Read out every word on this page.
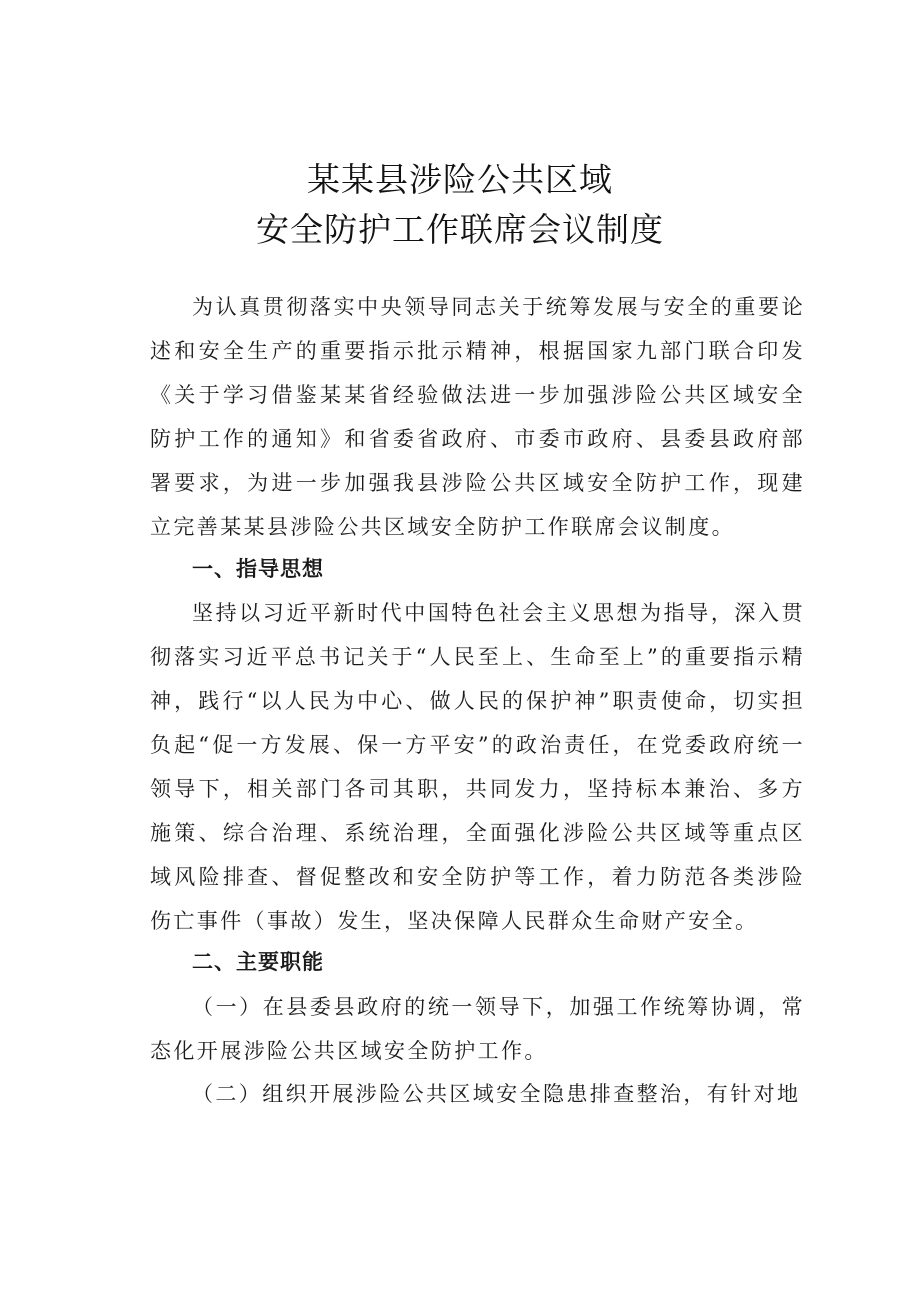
某某县涉险公共区域
安全防护工作联席会议制度

为认真贯彻落实中央领导同志关于统筹发展与安全的重要论述和安全生产的重要指示批示精神，根据国家九部门联合印发《关于学习借鉴某某省经验做法进一步加强涉险公共区域安全防护工作的通知》和省委省政府、市委市政府、县委县政府部署要求，为进一步加强我县涉险公共区域安全防护工作，现建立完善某某县涉险公共区域安全防护工作联席会议制度。

一、指导思想

坚持以习近平新时代中国特色社会主义思想为指导，深入贯彻落实习近平总书记关于“人民至上、生命至上”的重要指示精神，践行“以人民为中心、做人民的保护神”职责使命，切实担负起“促一方发展、保一方平安”的政治责任，在党委政府统一领导下，相关部门各司其职，共同发力，坚持标本兼治、多方施策、综合治理、系统治理，全面强化涉险公共区域等重点区域风险排查、督促整改和安全防护等工作，着力防范各类涉险伤亡事件（事故）发生，坚决保障人民群众生命财产安全。

二、主要职能

（一）在县委县政府的统一领导下，加强工作统筹协调，常态化开展涉险公共区域安全防护工作。

（二）组织开展涉险公共区域安全隐患排查整治，有针对地
